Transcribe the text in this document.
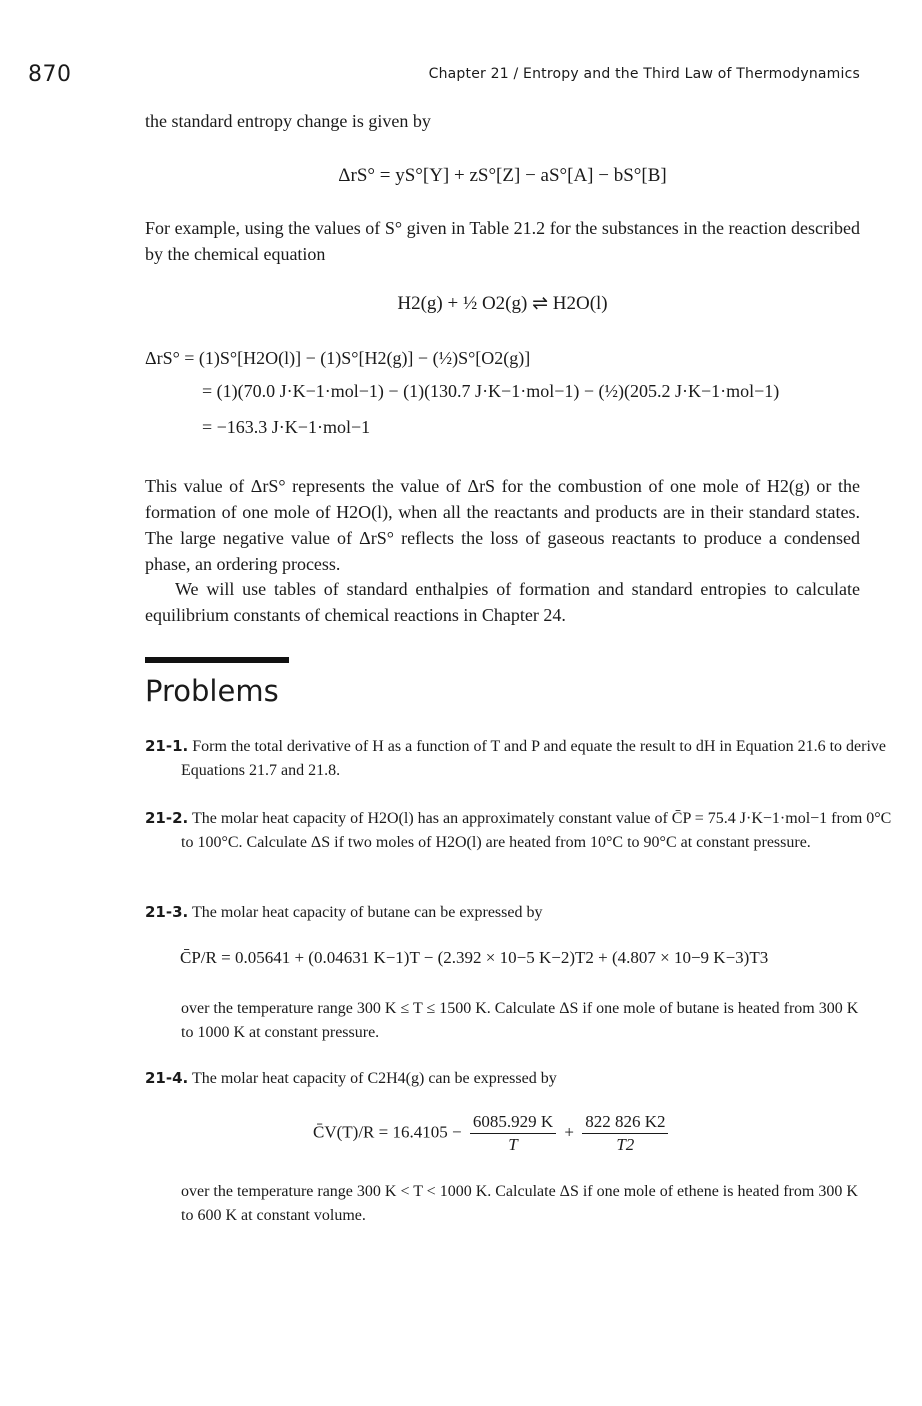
870	Chapter 21 / Entropy and the Third Law of Thermodynamics
the standard entropy change is given by
ΔrS° = yS°[Y] + zS°[Z] − aS°[A] − bS°[B]
For example, using the values of S° given in Table 21.2 for the substances in the reaction described by the chemical equation
H2(g) + ½ O2(g) ⇌ H2O(l)
ΔrS° = (1)S°[H2O(l)] − (1)S°[H2(g)] − (½)S°[O2(g)]
= (1)(70.0 J·K−1·mol−1) − (1)(130.7 J·K−1·mol−1) − (½)(205.2 J·K−1·mol−1)
= −163.3 J·K−1·mol−1
This value of ΔrS° represents the value of ΔrS for the combustion of one mole of H2(g) or the formation of one mole of H2O(l), when all the reactants and products are in their standard states. The large negative value of ΔrS° reflects the loss of gaseous reactants to produce a condensed phase, an ordering process.
We will use tables of standard enthalpies of formation and standard entropies to calculate equilibrium constants of chemical reactions in Chapter 24.
Problems
21-1. Form the total derivative of H as a function of T and P and equate the result to dH in Equation 21.6 to derive Equations 21.7 and 21.8.
21-2. The molar heat capacity of H2O(l) has an approximately constant value of C̄P = 75.4 J·K−1·mol−1 from 0°C to 100°C. Calculate ΔS if two moles of H2O(l) are heated from 10°C to 90°C at constant pressure.
21-3. The molar heat capacity of butane can be expressed by
C̄P/R = 0.05641 + (0.04631 K−1)T − (2.392 × 10−5 K−2)T2 + (4.807 × 10−9 K−3)T3
over the temperature range 300 K ≤ T ≤ 1500 K. Calculate ΔS if one mole of butane is heated from 300 K to 1000 K at constant pressure.
21-4. The molar heat capacity of C2H4(g) can be expressed by
C̄V(T)/R = $16.4105 - \frac{6085.929 K}{T} + \frac{822 826 K2}{T2}$
over the temperature range 300 K < T < 1000 K. Calculate ΔS if one mole of ethene is heated from 300 K to 600 K at constant volume.
